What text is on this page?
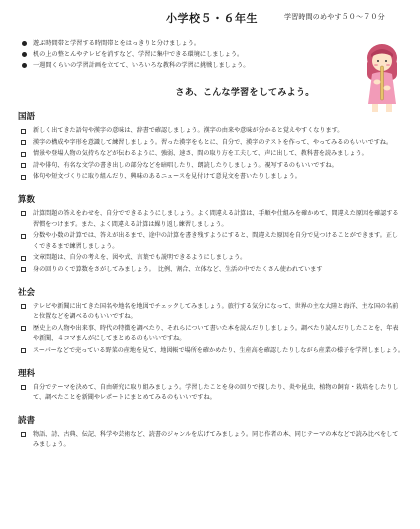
小学校５・６年生	学習時間のめやす５０～７０分
遊ぶ時間帯と学習する時間帯とをはっきりと分けましょう。
机の上の整とんやテレビを消すなど、学習に集中できる環境にしましょう。
一週間くらいの学習計画を立てて、いろいろな教科の学習に挑戦しましょう。
さあ、こんな学習をしてみよう。
国語
新しく出てきた語句や漢字の意味は、辞書で確認しましょう。漢字の由来や意味が分かると覚えやすくなります。
漢字の構成や字形を意識して練習しましょう。習った漢字をもとに、自分で、漢字のテストを作って、やってみるのもいいですね。
情景や登場人物の気持ちなどが伝わるように、強弱、速さ、間の取り方を工夫して、声に出して、教科書を読みましょう。
詩や俳句、有名な文学の書き出しの部分などを暗唱したり、朗読したりしましょう。視写するのもいいですね。
体句や短文づくりに取り組んだり、興味のあるニュースを見付けて意見文を書いたりしましょう。
算数
計算問題の答えをわせを、自分でできるようにしましょう。よく間違える計算は、手順や仕組みを確かめて、間違えた原因を確認する習慣をつけます。また、よく間違える計算は繰り返し練習しましょう。
分数や小数の計算では、答えが出るまで、途中の計算を書き残すようにすると、間違えた原因を自分で見つけることができます。正しくできるまで練習しましょう。
文章問題は、自分の考えを、図や式、言葉でも説明できるようにしましょう。
身の回りのくで算数をさがしてみましょう。　比例、割合、立体など、生活の中でたくさん使われています
社会
テレビや新聞に出てきた国名や地名を地図でチェックしてみましょう。旅行する気分になって、世界の主な大陸と海洋、主な国の名前と位置などを調べるのもいいですね。
歴史上の人物や出来事、時代の特徴を調べたり、それらについて書いた本を読んだりしましょう。調べたり読んだりしたことを、年表や新聞、４コマまんがにしてまとめるのもいいですね。
スーパーなどで売っている野菜の産地を見て、地図帳で場所を確かめたり、生産高を確認したりしながら産業の様子を学習しましょう。
理科
自分でテーマを決めて、自由研究に取り組みましょう。学習したことを身の回りで探したり、炎や昆虫、植物の飼育・栽培をしたりして、調べたことを新聞やレポートにまとめてみるのもいいですね。
読書
物語、詩、古典、伝記、科学や芸術など、読書のジャンルを広げてみましょう。同じ作者の本、同じテーマの本などで読み比べをしてみましょう。
